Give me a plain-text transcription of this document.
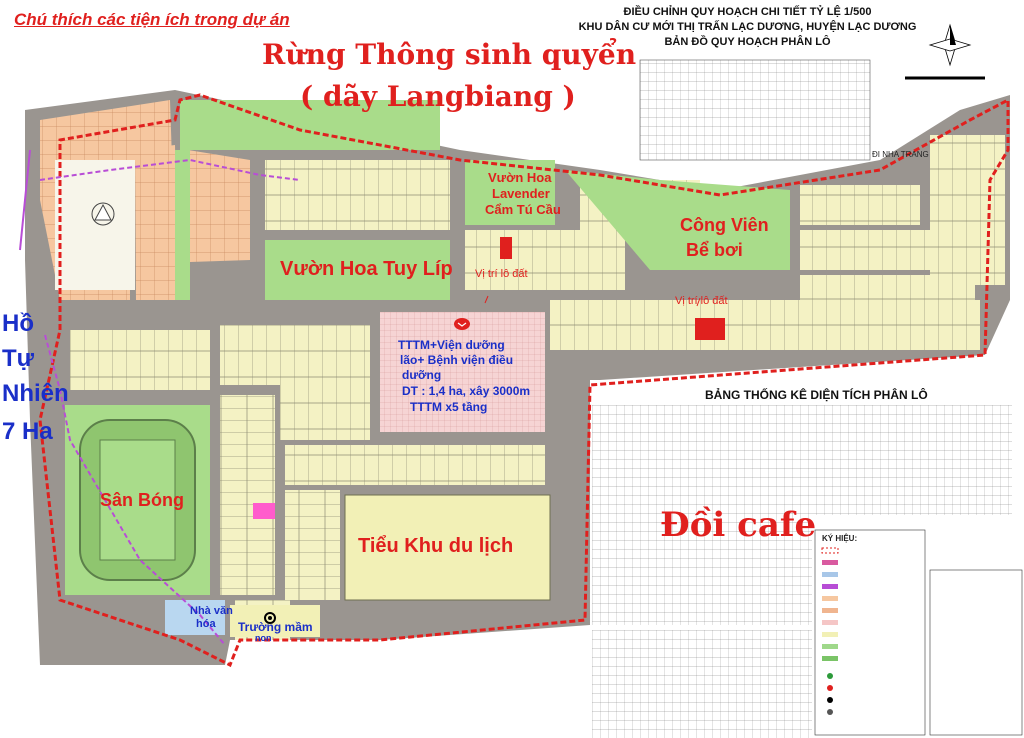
Chú thích các tiện ích trong dự án	ĐIỀU CHỈNH QUY HOẠCH CHI TIẾT TỶ LỆ 1/500

KHU DÂN CƯ MỚI THỊ TRẤN LẠC DƯƠNG, HUYỆN LẠC DƯƠNG

BẢN ĐỒ QUY HOẠCH PHÂN LÔ

Rừng Thông sinh quyển

( dãy Langbiang )

Hồ

Tự

Nhiên

7 Ha

Vườn Hoa

Lavender

Cẩm Tú Cầu

Vườn Hoa Tuy Líp

Công Viên

Bể bơi

Vị trí lô đất

Vị trí lô đất

TTTM+Viện dưỡng

lão+ Bệnh viện điều

dưỡng

DT : 1,4 ha, xây 3000m

TTTM x5 tầng

Sân Bóng

Tiểu Khu du lịch

Đồi cafe

Nhà văn

hóa Trường mầm

non

BẢNG THỐNG KÊ DIỆN TÍCH PHÂN LÔ

ĐI NHA TRANG

KÝ HIỆU:
